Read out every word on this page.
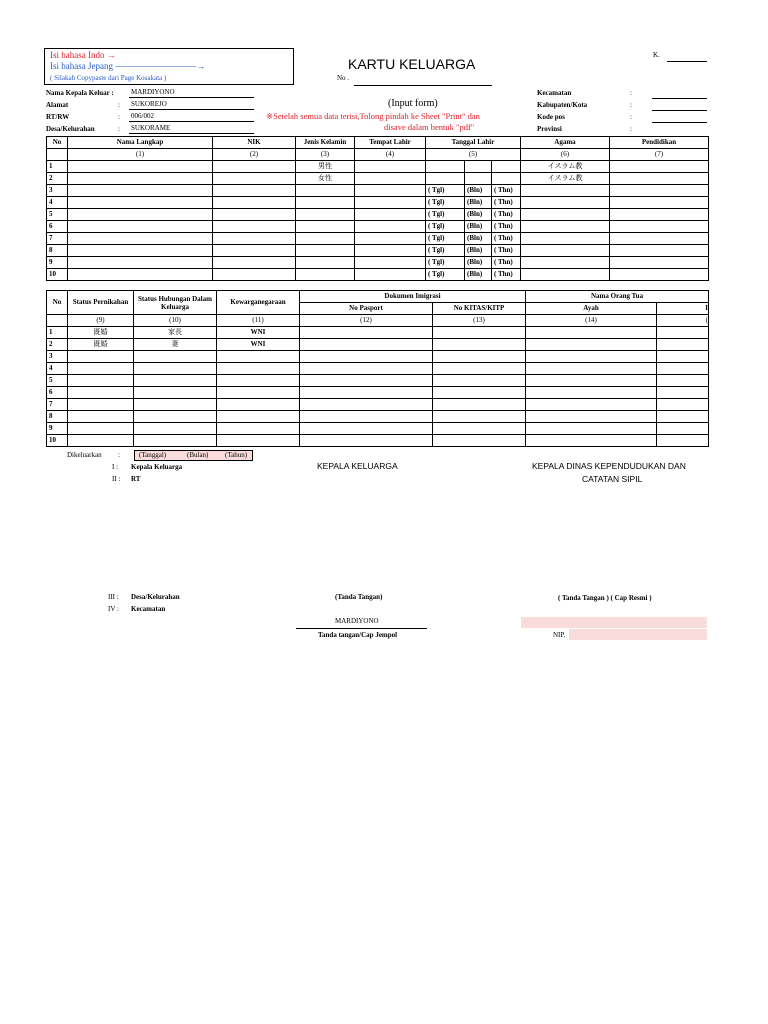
Isi bahasa Indo →
Isi bahasa Jepang ―――――――――→
( Silakah Copypaste dari Page Kosakata )
KARTU KELUARGA
No .
K.
Nama Kepala Keluar : MARDIYONO
Alamat	: SUKOREJO
RT/RW	: 006/002
Desa/Kelurahan	: SUKORAME
(Input form)
※Setelah semua data terisi,Tolong pindah ke Sheet "Print" dan
disave dalam bentuk "pdf"
Kecamatan	:
Kabupaten/Kota	:
Kode pos	:
Provinsi	:
No	Nama Langkap	NIK	Jenis Kelamin	Tempat Lahir	Tanggal Lahir			Agama	Pendidikan
	(1)	(2)	(3)	(4)	(5)			(6)	(7)
1			男性					イスラム教	
2			女性					イスラム教	
3					( Tgl)	(Bln)	( Thn)		
4					( Tgl)	(Bln)	( Thn)		
5					( Tgl)	(Bln)	( Thn)		
6					( Tgl)	(Bln)	( Thn)		
7					( Tgl)	(Bln)	( Thn)		
8					( Tgl)	(Bln)	( Thn)		
9					( Tgl)	(Bln)	( Thn)		
10					( Tgl)	(Bln)	( Thn)		
No	Status Pernikahan	Status Hubungan Dalam Keluarga	Kewarganegaraan	Dokumen Imigrasi		Nama Orang Tua	
				No Pasport	No KITAS/KITP	Ayah	I
	(9)	(10)	(11)	(12)	(13)	(14)	(
1	既婚	家長	WNI				
2	既婚	妻	WNI				
3							
4							
5							
6							
7							
8							
9							
10							
Dikeluarkan :	(Tanggal)	(Bulan) (Tahun)
I : Kepala Keluarga
II : RT
III : Desa/Kelurahan
IV : Kecamatan
KEPALA KELUARGA	KEPALA DINAS KEPENDUDUKAN DAN
CATATAN SIPIL
(Tanda Tangan)	( Tanda Tangan ) ( Cap Resmi )
MARDIYONO
Tanda tangan/Cap Jempol	NIP.
